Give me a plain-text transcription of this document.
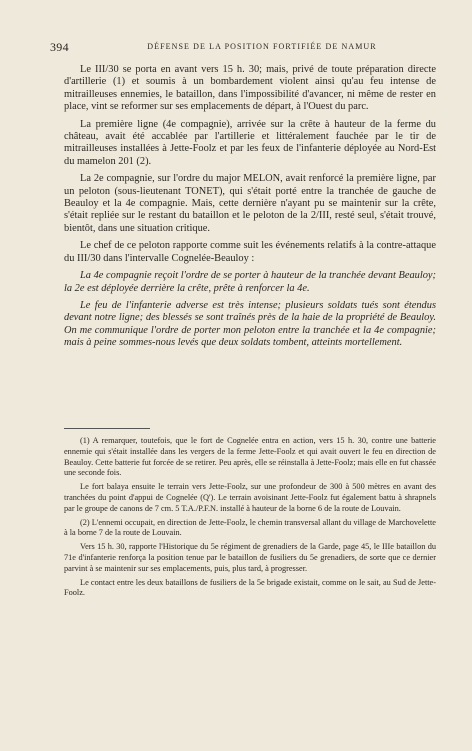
394	DÉFENSE DE LA POSITION FORTIFIÉE DE NAMUR

Le III/30 se porta en avant vers 15 h. 30; mais, privé de toute préparation directe d'artillerie (1) et soumis à un bombardement violent ainsi qu'au feu intense de mitrailleuses ennemies, le bataillon, dans l'impossibilité d'avancer, ni même de rester en place, vint se reformer sur ses emplacements de départ, à l'Ouest du parc.

La première ligne (4e compagnie), arrivée sur la crête à hauteur de la ferme du château, avait été accablée par l'artillerie et littéralement fauchée par le tir de mitrailleuses installées à Jette-Foolz et par les feux de l'infanterie déployée au Nord-Est du mamelon 201 (2).

La 2e compagnie, sur l'ordre du major MELON, avait renforcé la première ligne, par un peloton (sous-lieutenant TONET), qui s'était porté entre la tranchée de gauche de Beauloy et la 4e compagnie. Mais, cette dernière n'ayant pu se maintenir sur la crête, s'était repliée sur le restant du bataillon et le peloton de la 2/III, resté seul, s'était trouvé, bientôt, dans une situation critique.

Le chef de ce peloton rapporte comme suit les événements relatifs à la contre-attaque du III/30 dans l'intervalle Cognelée-Beauloy :

La 4e compagnie reçoit l'ordre de se porter à hauteur de la tranchée devant Beauloy; la 2e est déployée derrière la crête, prête à renforcer la 4e.

Le feu de l'infanterie adverse est très intense; plusieurs soldats tués sont étendus devant notre ligne; des blessés se sont traînés près de la haie de la propriété de Beauloy. On me communique l'ordre de porter mon peloton entre la tranchée et la 4e compagnie; mais à peine sommes-nous levés que deux soldats tombent, atteints mortellement.

(1) A remarquer, toutefois, que le fort de Cognelée entra en action, vers 15 h. 30, contre une batterie ennemie qui s'était installée dans les vergers de la ferme Jette-Foolz et qui avait ouvert le feu en direction de Beauloy. Cette batterie fut forcée de se retirer. Peu après, elle se réinstalla à Jette-Foolz; mais elle en fut chassée une seconde fois.

Le fort balaya ensuite le terrain vers Jette-Foolz, sur une profondeur de 300 à 500 mètres en avant des tranchées du point d'appui de Cognelée (Q'). Le terrain avoisinant Jette-Foolz fut également battu à shrapnels par le groupe de canons de 7 cm. 5 T.A./P.F.N. installé à hauteur de la borne 6 de la route de Louvain.

(2) L'ennemi occupait, en direction de Jette-Foolz, le chemin transversal allant du village de Marchovelette à la borne 7 de la route de Louvain.

Vers 15 h. 30, rapporte l'Historique du 5e régiment de grenadiers de la Garde, page 45, le IIIe bataillon du 71e d'infanterie renforça la position tenue par le bataillon de fusiliers du 5e grenadiers, de sorte que ce dernier parvint à se maintenir sur ses emplacements, puis, plus tard, à progresser.

Le contact entre les deux bataillons de fusiliers de la 5e brigade existait, comme on le sait, au Sud de Jette-Foolz.
